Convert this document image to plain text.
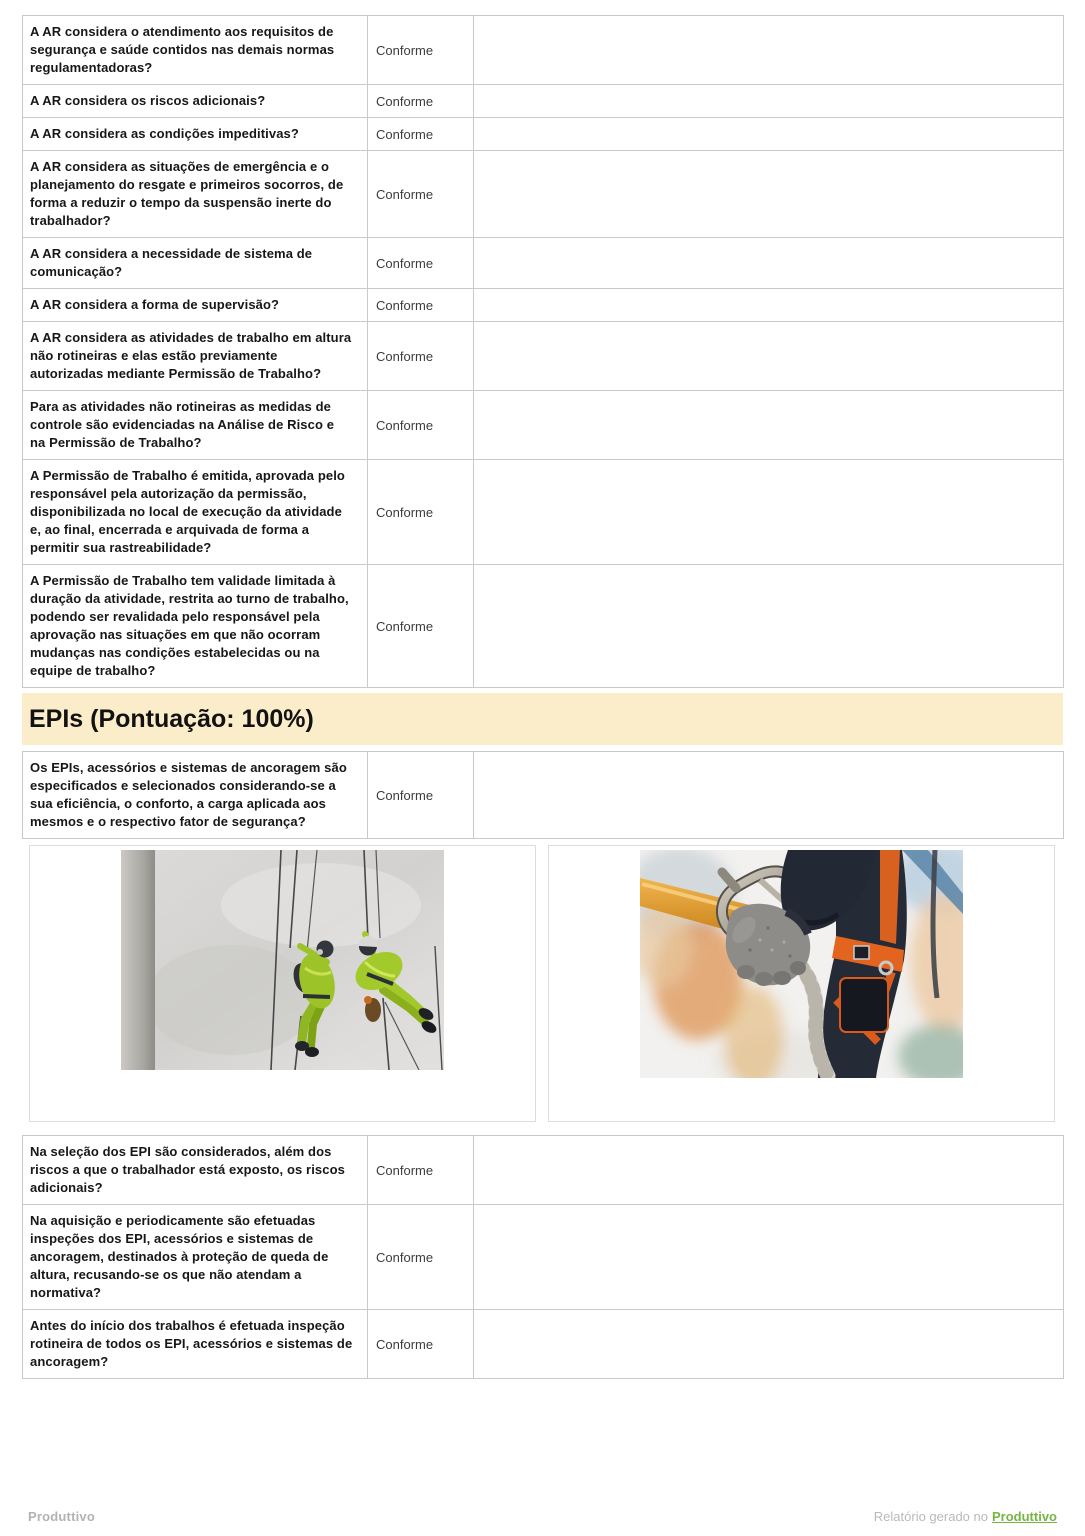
A AR considera o atendimento aos requisitos de segurança e saúde contidos nas demais normas regulamentadoras?	Conforme	
A AR considera os riscos adicionais?	Conforme	
A AR considera as condições impeditivas?	Conforme	
A AR considera as situações de emergência e o planejamento do resgate e primeiros socorros, de forma a reduzir o tempo da suspensão inerte do trabalhador?	Conforme	
A AR considera a necessidade de sistema de comunicação?	Conforme	
A AR considera a forma de supervisão?	Conforme	
A AR considera as atividades de trabalho em altura não rotineiras e elas estão previamente autorizadas mediante Permissão de Trabalho?	Conforme	
Para as atividades não rotineiras as medidas de controle são evidenciadas na Análise de Risco e na Permissão de Trabalho?	Conforme	
A Permissão de Trabalho é emitida, aprovada pelo responsável pela autorização da permissão, disponibilizada no local de execução da atividade e, ao final, encerrada e arquivada de forma a permitir sua rastreabilidade?	Conforme	
A Permissão de Trabalho tem validade limitada à duração da atividade, restrita ao turno de trabalho, podendo ser revalidada pelo responsável pela aprovação nas situações em que não ocorram mudanças nas condições estabelecidas ou na equipe de trabalho?	Conforme	
EPIs (Pontuação: 100%)
Os EPIs, acessórios e sistemas de ancoragem são especificados e selecionados considerando-se a sua eficiência, o conforto, a carga aplicada aos mesmos e o respectivo fator de segurança?	Conforme	
Na seleção dos EPI são considerados, além dos riscos a que o trabalhador está exposto, os riscos adicionais?	Conforme	
Na aquisição e periodicamente são efetuadas inspeções dos EPI, acessórios e sistemas de ancoragem, destinados à proteção de queda de altura, recusando-se os que não atendam a normativa?	Conforme	
Antes do início dos trabalhos é efetuada inspeção rotineira de todos os EPI, acessórios e sistemas de ancoragem?	Conforme	
Produttivo	Relatório gerado no Produttivo
